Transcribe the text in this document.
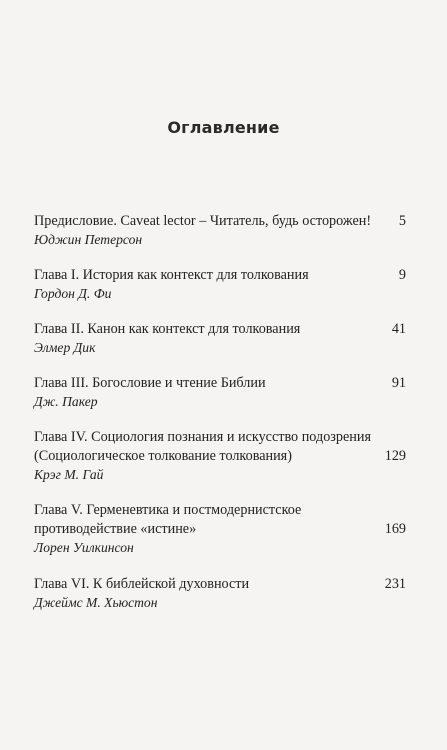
Оглавление
Предисловие. Caveat lector – Читатель, будь осторожен! 5
Юджин Петерсон
Глава I. История как контекст для толкования	9
Гордон Д. Фи
Глава II. Канон как контекст для толкования	41
Элмер Дик
Глава III. Богословие и чтение Библии	91
Дж. Пакер
Глава IV. Социология познания и искусство подозрения
(Социологическое толкование толкования)	129
Крэг М. Гай
Глава V. Герменевтика и постмодернистское
противодействие «истине»	169
Лорен Уилкинсон
Глава VI. К библейской духовности	231
Джеймс М. Хьюстон
